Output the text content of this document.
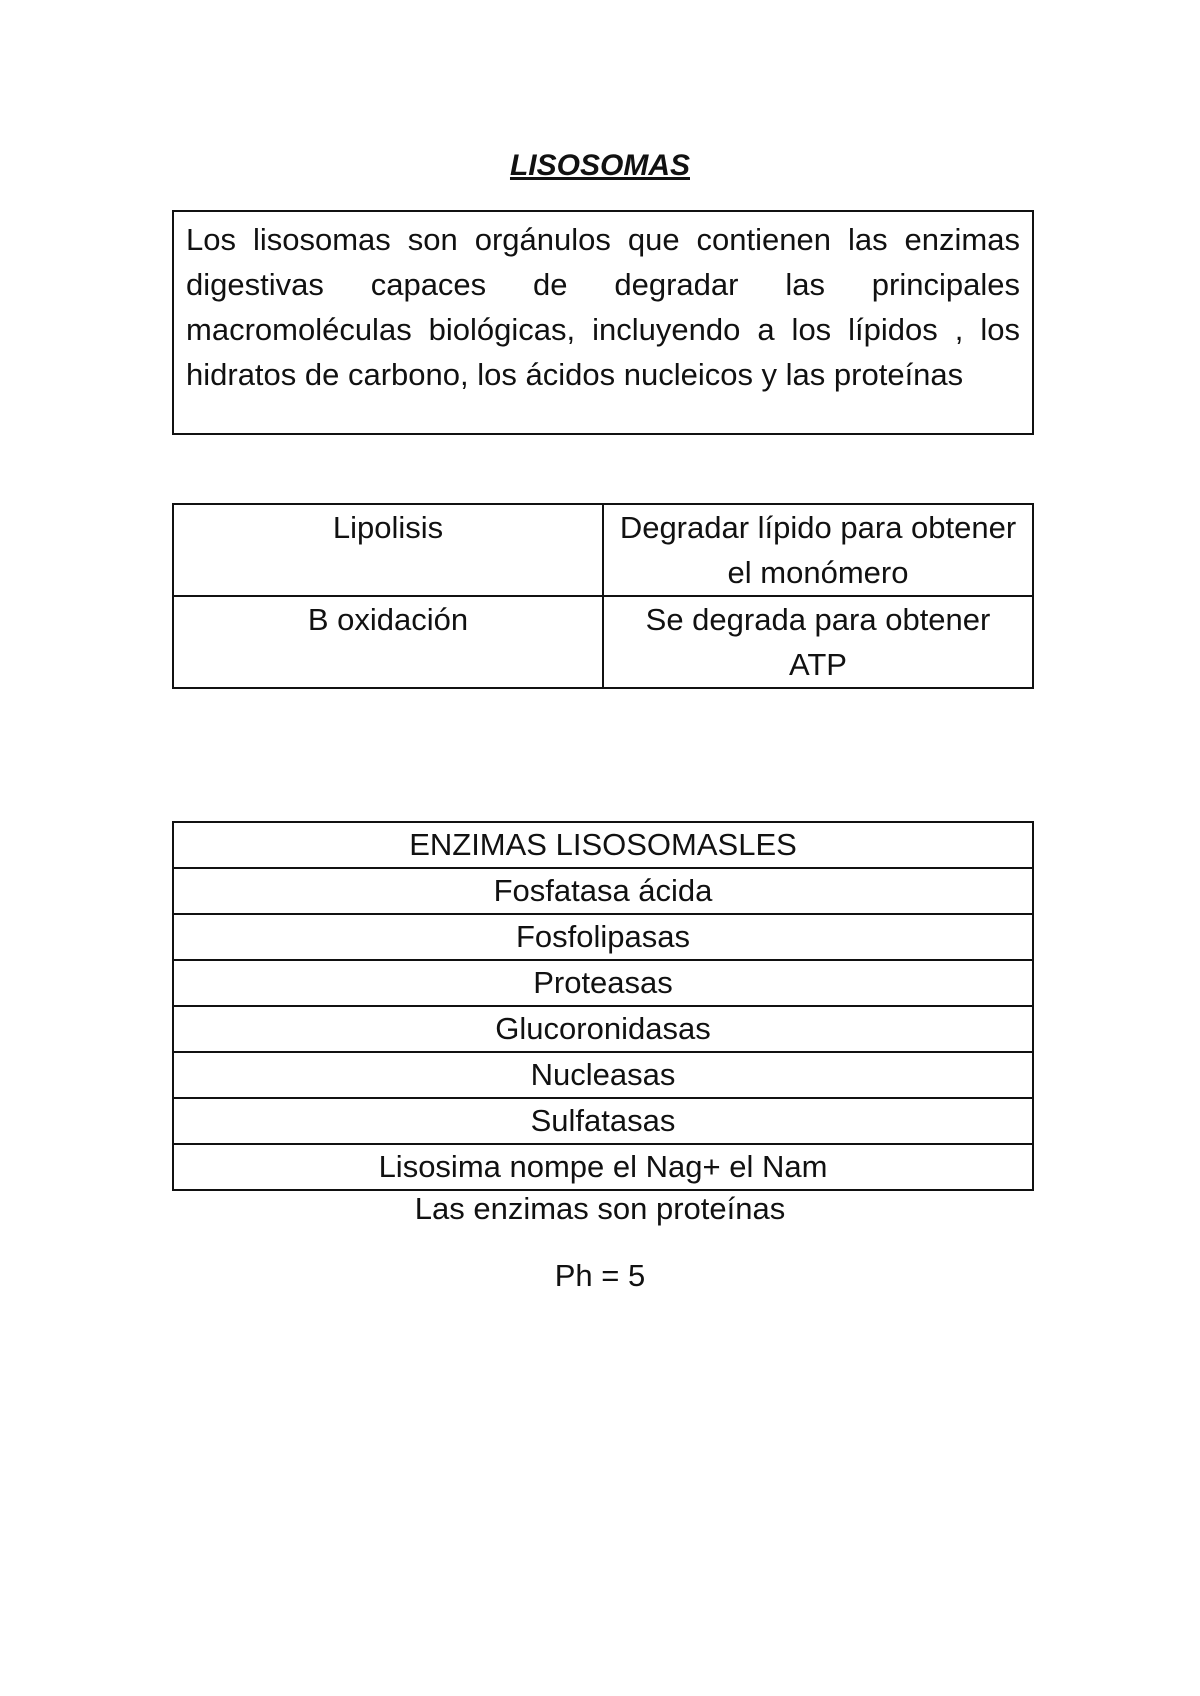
LISOSOMAS

Los lisosomas son orgánulos que contienen las enzimas digestivas capaces de degradar las principales macromoléculas biológicas, incluyendo a los lípidos , los hidratos de carbono, los ácidos nucleicos y las proteínas

Lipolisis	Degradar lípido para obtener el monómero
B oxidación	Se degrada para obtener ATP
ENZIMAS LISOSOMASLES
Fosfatasa ácida
Fosfolipasas
Proteasas
Glucoronidasas
Nucleasas
Sulfatasas
Lisosima nompe el Nag+ el Nam
Las enzimas son proteínas
Ph = 5
